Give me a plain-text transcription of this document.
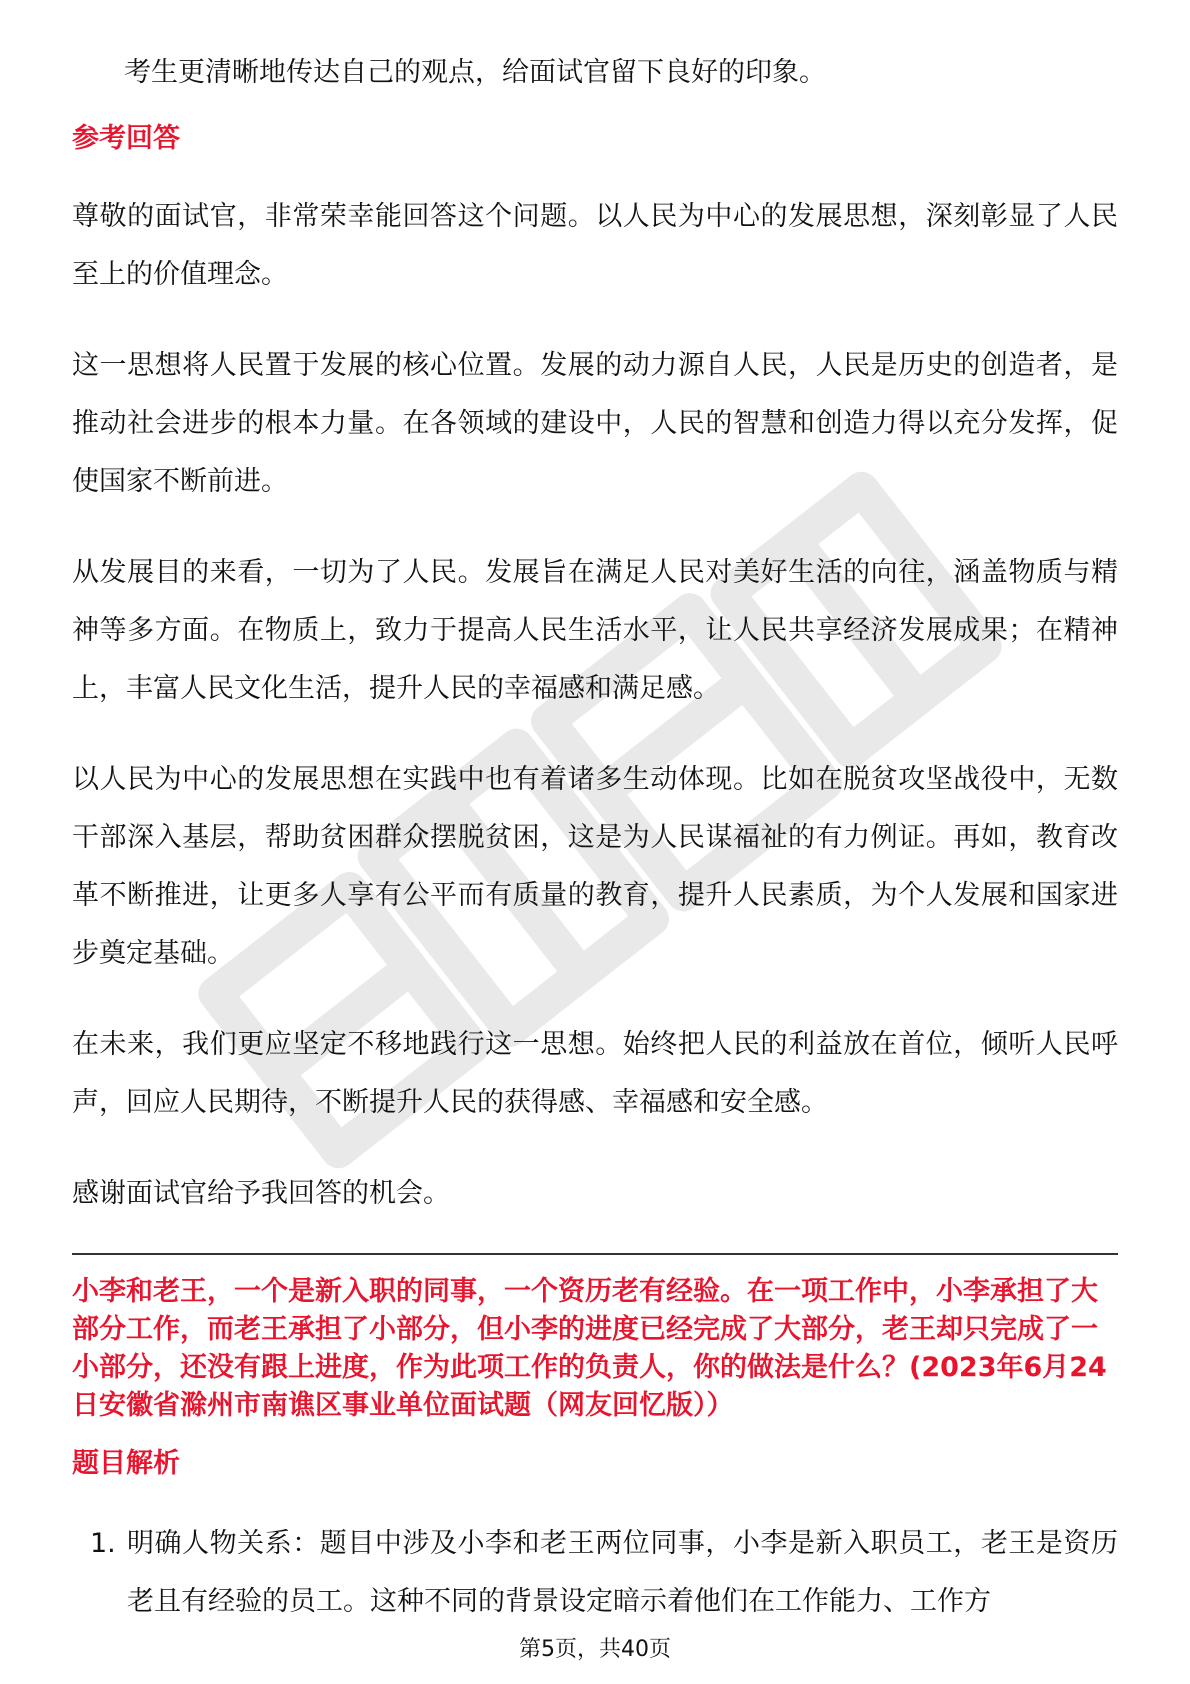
考生更清晰地传达自己的观点，给面试官留下良好的印象。

参考回答

尊敬的面试官，非常荣幸能回答这个问题。以人民为中心的发展思想，深刻彰显了人民至上的价值理念。

这一思想将人民置于发展的核心位置。发展的动力源自人民，人民是历史的创造者，是推动社会进步的根本力量。在各领域的建设中，人民的智慧和创造力得以充分发挥，促使国家不断前进。

从发展目的来看，一切为了人民。发展旨在满足人民对美好生活的向往，涵盖物质与精神等多方面。在物质上，致力于提高人民生活水平，让人民共享经济发展成果；在精神上，丰富人民文化生活，提升人民的幸福感和满足感。

以人民为中心的发展思想在实践中也有着诸多生动体现。比如在脱贫攻坚战役中，无数干部深入基层，帮助贫困群众摆脱贫困，这是为人民谋福祉的有力例证。再如，教育改革不断推进，让更多人享有公平而有质量的教育，提升人民素质，为个人发展和国家进步奠定基础。

在未来，我们更应坚定不移地践行这一思想。始终把人民的利益放在首位，倾听人民呼声，回应人民期待，不断提升人民的获得感、幸福感和安全感。

感谢面试官给予我回答的机会。

小李和老王，一个是新入职的同事，一个资历老有经验。在一项工作中，小李承担了大部分工作，而老王承担了小部分，但小李的进度已经完成了大部分，老王却只完成了一小部分，还没有跟上进度，作为此项工作的负责人，你的做法是什么？(2023年6月24日安徽省滁州市南谯区事业单位面试题（网友回忆版））

题目解析

1. 明确人物关系：题目中涉及小李和老王两位同事，小李是新入职员工，老王是资历老且有经验的员工。这种不同的背景设定暗示着他们在工作能力、工作方

第5页，共40页
